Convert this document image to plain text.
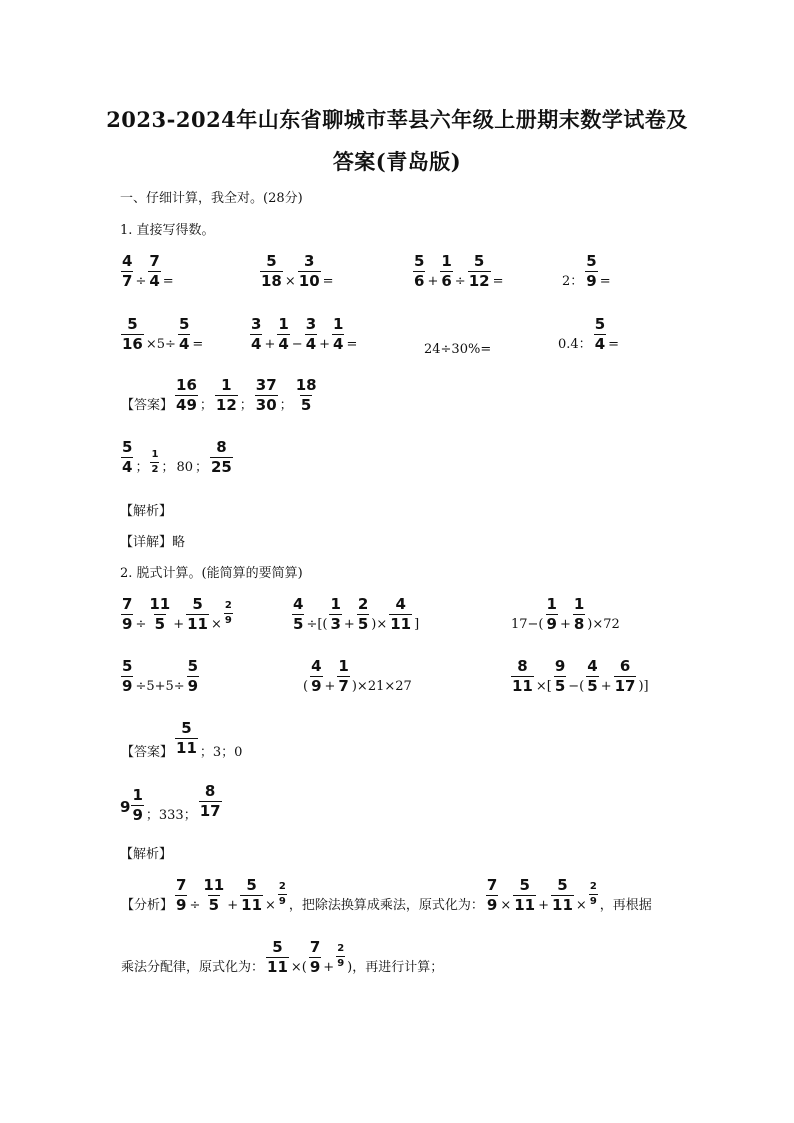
2023-2024年山东省聊城市莘县六年级上册期末数学试卷及
答案(青岛版)
一、仔细计算，我全对。(28分)
1. 直接写得数。
$\frac{4}{7} \div \frac{7}{4}$ =	$\frac{5}{18} \times \frac{3}{10}$ =	$\frac{5}{6} + \frac{1}{6} \div \frac{5}{12}$ =	2： $\frac{5}{9}$ =
$\frac{5}{16} \times 5\div \frac{5}{4}$ =	$\frac{3}{4} + \frac{1}{4} - \frac{3}{4} + \frac{1}{4}$ =	24÷30%=	0.4： $\frac{5}{4}$ =
【答案】 $\frac{16}{49}$ ； $\frac{1}{12}$ ； $\frac{37}{30}$ ； $\frac{18}{5}$
$\frac{5}{4}$ ； $\frac{1}{2}$ ； 80 ； $\frac{8}{25}$
【解析】
【详解】略
2. 脱式计算。(能简算的要简算)
$\frac{7}{9} \div \frac{11}{5} + \frac{5}{11} \times \frac{2}{9}$	$\frac{4}{5}$ ÷[( $\frac{1}{3} + \frac{2}{5}$ )× $\frac{4}{11}$ ]	$17-( \frac{1}{9} + \frac{1}{8} )\times 72$
$\frac{5}{9} \div 5+5\div \frac{5}{9}$	( $\frac{4}{9} + \frac{1}{7} )\times 21\times 27$	$\frac{8}{11}$ ×[ $\frac{9}{5}$ −( $\frac{4}{5} + \frac{6}{17}$ )]
【答案】 $\frac{5}{11}$ ；3；0
$9 \frac{1}{9}$ ；333； $\frac{8}{17}$
【解析】
【分析】 $\frac{7}{9} \div \frac{11}{5} + \frac{5}{11} \times \frac{2}{9}$ ，把除法换算成乘法，原式化为： $\frac{7}{9} \times \frac{5}{11} + \frac{5}{11} \times \frac{2}{9}$ ，再根据
乘法分配律，原式化为： $\frac{5}{11}$ ×( $\frac{7}{9} + \frac{2}{9}$ )，再进行计算；
